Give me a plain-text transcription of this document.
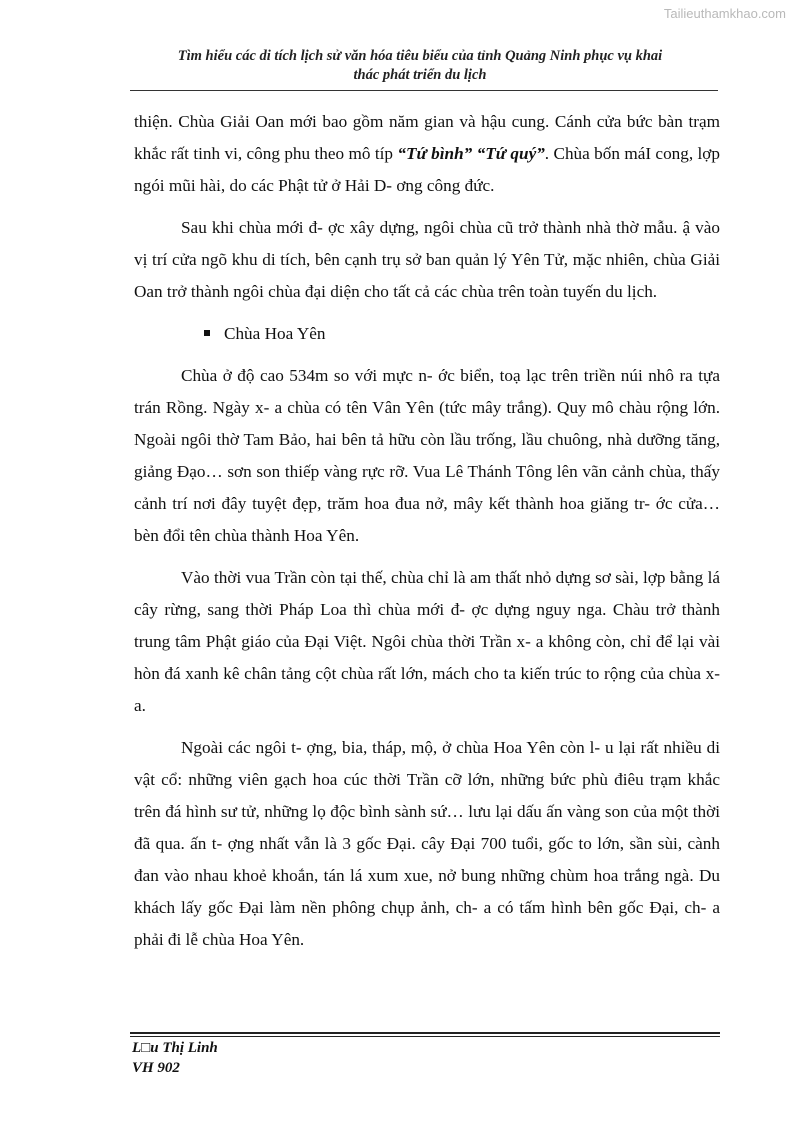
Tailieuthamkhao.com
Tìm hiểu các di tích lịch sử văn hóa tiêu biểu của tỉnh Quảng Ninh phục vụ khai
thác phát triển du lịch

thiện. Chùa Giải Oan mới bao gồm năm gian và hậu cung. Cánh cửa bức bàn trạm khắc rất tinh vi, công phu theo mô típ “Tứ bình” “Tứ quý”. Chùa bốn máI cong, lợp ngói mũi hài, do các Phật tử ở Hải D- ơng công đức.

Sau khi chùa mới đ- ợc xây dựng, ngôi chùa cũ trở thành nhà thờ mẫu. ậ vào vị trí cửa ngõ khu di tích, bên cạnh trụ sở ban quản lý Yên Tử, mặc nhiên, chùa Giải Oan trở thành ngôi chùa đại diện cho tất cả các chùa trên toàn tuyến du lịch.

Chùa Hoa Yên

Chùa ở độ cao 534m so với mực n- ớc biển, toạ lạc trên triền núi nhô ra tựa trán Rồng. Ngày x- a chùa có tên Vân Yên (tức mây trắng). Quy mô chàu rộng lớn. Ngoài ngôi thờ Tam Bảo, hai bên tả hữu còn lầu trống, lầu chuông, nhà dưỡng tăng, giảng Đạo… sơn son thiếp vàng rực rỡ. Vua Lê Thánh Tông lên vãn cảnh chùa, thấy cảnh trí nơi đây tuyệt đẹp, trăm hoa đua nở, mây kết thành hoa giăng tr- ớc cửa… bèn đổi tên chùa thành Hoa Yên.

Vào thời vua Trần còn tại thế, chùa chỉ là am thất nhỏ dựng sơ sài, lợp bằng lá cây rừng, sang thời Pháp Loa thì chùa mới đ- ợc dựng nguy nga. Chàu trở thành trung tâm Phật giáo của Đại Việt. Ngôi chùa thời Trần x- a không còn, chỉ để lại vài hòn đá xanh kê chân tảng cột chùa rất lớn, mách cho ta kiến trúc to rộng của chùa x- a.

Ngoài các ngôi t- ợng, bia, tháp, mộ, ở chùa Hoa Yên còn l- u lại rất nhiều di vật cổ: những viên gạch hoa cúc thời Trần cỡ lớn, những bức phù điêu trạm khắc trên đá hình sư tử, những lọ độc bình sành sứ… lưu lại dấu ấn vàng son của một thời đã qua. ấn t- ợng nhất vẫn là 3 gốc Đại. cây Đại 700 tuổi, gốc to lớn, sần sùi, cành đan vào nhau khoẻ khoắn, tán lá xum xue, nở bung những chùm hoa trắng ngà. Du khách lấy gốc Đại làm nền phông chụp ảnh, ch- a có tấm hình bên gốc Đại, ch- a phải đi lễ chùa Hoa Yên.

L□u Thị Linh
VH 902
